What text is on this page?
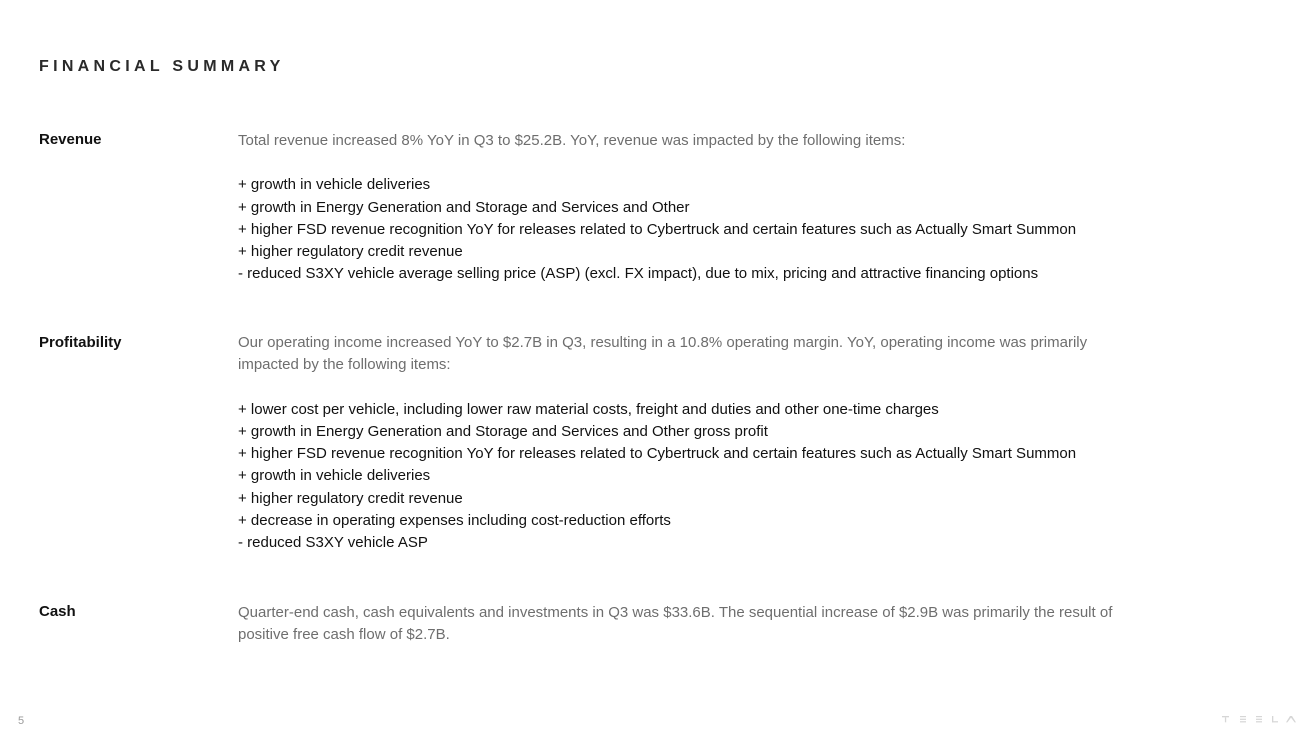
FINANCIAL SUMMARY
Revenue	Total revenue increased 8% YoY in Q3 to $25.2B. YoY, revenue was impacted by the following items:

+ growth in vehicle deliveries
+ growth in Energy Generation and Storage and Services and Other
+ higher FSD revenue recognition YoY for releases related to Cybertruck and certain features such as Actually Smart Summon
+ higher regulatory credit revenue
- reduced S3XY vehicle average selling price (ASP) (excl. FX impact), due to mix, pricing and attractive financing options
Profitability	Our operating income increased YoY to $2.7B in Q3, resulting in a 10.8% operating margin. YoY, operating income was primarily impacted by the following items:

+ lower cost per vehicle, including lower raw material costs, freight and duties and other one-time charges
+ growth in Energy Generation and Storage and Services and Other gross profit
+ higher FSD revenue recognition YoY for releases related to Cybertruck and certain features such as Actually Smart Summon
+ growth in vehicle deliveries
+ higher regulatory credit revenue
+ decrease in operating expenses including cost-reduction efforts
- reduced S3XY vehicle ASP
Cash	Quarter-end cash, cash equivalents and investments in Q3 was $33.6B. The sequential increase of $2.9B was primarily the result of positive free cash flow of $2.7B.

5
